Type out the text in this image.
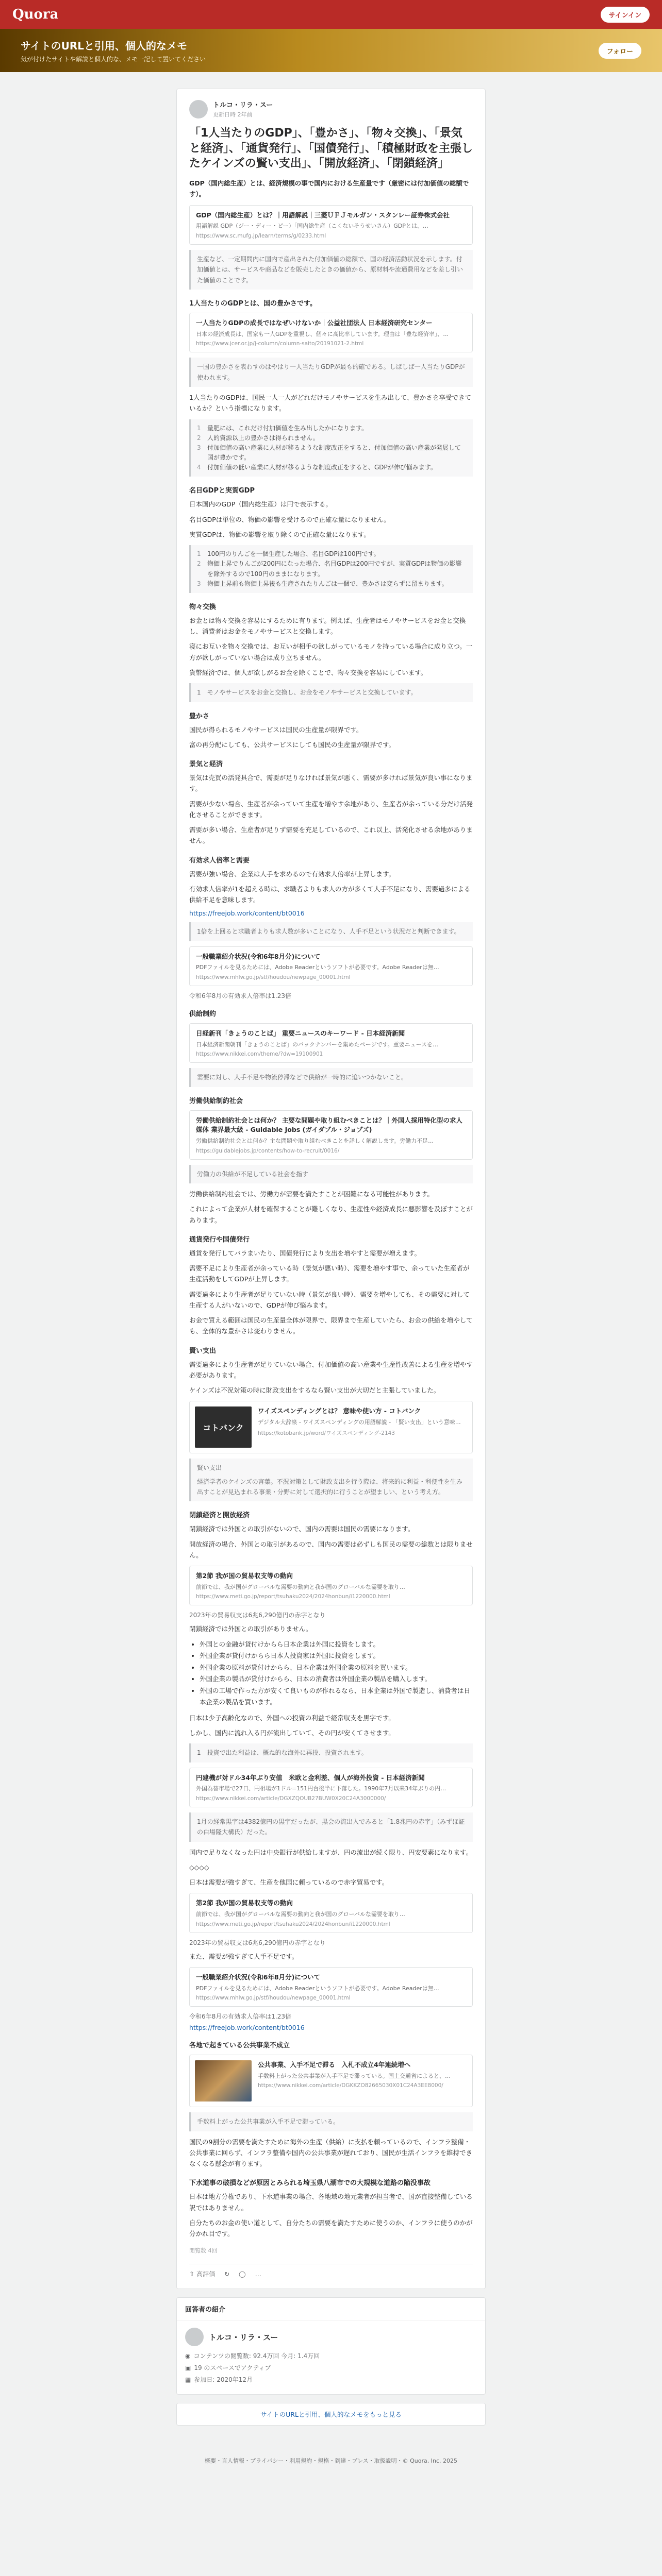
Quora	サインイン
サイトのURLと引用、個人的なメモ
気が付けたサイトや解説と個人的な、メモ一記して置いてください
フォロー
トルコ・リラ・スー
更新日時 2年前
「1人当たりのGDP」、「豊かさ」、「物々交換」、「景気と経済」、「通貨発行」、「国債発行」、「積極財政を主張したケインズの賢い支出」、「開放経済」、「閉鎖経済」
GDP（国内総生産）とは、経済規模の事で国内における生産量です（厳密には付加価値の総額です）。
GDP（国内総生産）とは？｜用語解説｜三菱ＵＦＪモルガン・スタンレー証券株式会社
用語解説 GDP（ジー・ディー・ピー）「国内総生産（こくないそうせいさん）GDPとは、…
https://www.sc.mufg.jp/learn/terms/g/0233.html
生産など、一定期間内に国内で産出された付加価値の総額で、国の経済活動状況を示します。付加価値とは、サービスや商品などを販売したときの価値から、原材料や流通費用などを差し引いた価値のことです。
1人当たりのGDPとは、国の豊かさです。
一人当たりGDPの成長ではなぜいけないか｜公益社団法人 日本経済研究センター
日本の経済成長は、国家も一人GDPを重視し、個々に高比率しています。理由は「豊な経済率」、…
https://www.jcer.or.jp/j-column/column-saito/20191021-2.html
一国の豊かさを表わすのはやはり一人当たりGDPが最も的確である。しばしば一人当たりGDPが使われます。
1人当たりのGDPは、国民一人一人がどれだけモノやサービスを生み出して、豊かさを享受できているか？という指標になります。
1	量肥には、これだけ付加価値を生み出したかになります。
2	人的資源以上の豊かさは得られません。
3	付加価値の高い産業に人材が移るような制度改正をすると、付加価値の高い産業が発展して国が豊かです。
4	付加価値の低い産業に人材が移るような制度改正をすると、GDPが伸び悩みます。
名目GDPと実質GDP
日本国内のGDP（国内総生産）は円で表示する。
名目GDPは単位の、物価の影響を受けるので正確な量になりません。
実質GDPは、物価の影響を取り除くので正確な量になります。
1	100円のりんごを一個生産した場合、名目GDPは100円です。
2	物価上昇でりんごが200円になった場合、名目GDPは200円ですが、実質GDPは物価の影響を除外するので100円のままになります。
3	物価上昇前も物価上昇後も生産されたりんごは一個で、豊かさは変らずに留まります。
物々交換
お金とは物々交換を容易にするために有ります。例えば、生産者はモノやサービスをお金と交換し、消費者はお金をモノやサービスと交換します。
寝にお互いを物々交換では、お互いが相手の欲しがっているモノを持っている場合に成り立つ。一方が欲しがっていない場合は成り立ちません。
貨幣経済では、個人が欲しがるお金を除くことで、物々交換を容易にしています。
1　モノやサービスをお金と交換し、お金をモノやサービスと交換しています。
豊かさ
国民が得られるモノやサービスは国民の生産量が限界です。
富の再分配にしても、公共サービスにしても国民の生産量が限界です。
景気と経済
景気は売買の活発具合で、需要が足りなければ景気が悪く、需要が多ければ景気が良い事になります。
需要が少ない場合、生産者が余っていて生産を増やす余地があり、生産者が余っている分だけ活発化させることができます。
需要が多い場合、生産者が足りず需要を充足しているので、これ以上、活発化させる余地がありません。
有効求人倍率と需要
需要が強い場合、企業は人手を求めるので有効求人倍率が上昇します。
有効求人倍率が1を超える時は、求職者よりも求人の方が多くて人手不足になり、需要過多による供給不足を意味します。
https://freejob.work/content/bt0016
1倍を上回ると求職者よりも求人数が多いことになり、人手不足という状況だと判断できます。
一般職業紹介状況(令和6年8月分)について
PDFファイルを見るためには、Adobe Readerというソフトが必要です。Adobe Readerは無…
https://www.mhlw.go.jp/stf/houdou/newpage_00001.html
令和6年8月の有効求人倍率は1.23倍
供給制約
日経新刊「きょうのことば」 重要ニュースのキーワード - 日本経済新聞
日本経済新聞朝刊「きょうのことば」のバックナンバーを集めたページです。重要ニュースを…
https://www.nikkei.com/theme/?dw=19100901
需要に対し、人手不足や物流停滞などで供給が一時的に追いつかないこと。
労働供給制約社会
労働供給制約社会とは何か？ 主要な問題や取り組むべきことは？｜外国人採用特化型の求人媒体 業界最大級 - Guidable Jobs (ガイダブル・ジョブズ)
労働供給制約社会とは何か？主な問題や取り組むべきことを詳しく解説します。労働力不足…
https://guidablejobs.jp/contents/how-to-recruit/0016/
労働力の供給が不足している社会を指す
労働供給制約社会では、労働力が需要を満たすことが困難になる可能性があります。
これによって企業が人材を確保することが難しくなり、生産性や経済成長に悪影響を及ぼすことがあります。
通貨発行や国債発行
通貨を発行してバラまいたり、国債発行により支出を増やすと需要が増えます。
需要不足により生産者が余っている時（景気が悪い時）、需要を増やす事で、余っていた生産者が生産活動をしてGDPが上昇します。
需要過多により生産者が足りていない時（景気が良い時）、需要を増やしても、その需要に対して生産する人がいないので、GDPが伸び悩みます。
お金で買える範囲は国民の生産量全体が限界で、限界まで生産していたら、お金の供給を増やしても、全体的な豊かさは変わりません。
賢い支出
需要過多により生産者が足りていない場合、付加価値の高い産業や生産性改善による生産を増やす必要があります。
ケインズは不況対策の時に財政支出をするなら賢い支出が大切だと主張していました。
コトバンク
ワイズスペンディングとは？ 意味や使い方 - コトバンク
デジタル大辞泉 - ワイズスペンディングの用語解説 - 「賢い支出」という意味…
https://kotobank.jp/word/ワイズスペンディング-2143
賢い支出
経済学者のケインズの言葉。不況対策として財政支出を行う際は、将来的に利益・利便性を生み出すことが見込まれる事業・分野に対して選択的に行うことが望ましい、という考え方。
閉鎖経済と開放経済
閉鎖経済では外国との取引がないので、国内の需要は国民の需要になります。
開放経済の場合、外国との取引があるので、国内の需要は必ずしも国民の需要の総数とは限りません。
第2節 我が国の貿易収支等の動向
前節では、我が国がグローバルな需要の動向と我が国のグローバルな需要を取り…
https://www.meti.go.jp/report/tsuhaku2024/2024honbun/i1220000.html
2023年の貿易収支は6兆6,290億円の赤字となり
閉鎖経済では外国との取引がありません。
• 外国との金融が貸付けからら日本企業は外国に投資をします。
• 外国企業が貸付けからら日本人投資家は外国に投資をします。
• 外国企業の原料が貸付けからら、日本企業は外国企業の原料を買います。
• 外国企業の製品が貸付けからら、日本の消費者は外国企業の製品を購入します。
• 外国の工場で作った方が安くて良いものが作れるなら、日本企業は外国で製造し、消費者は日本企業の製品を買います。
日本は少子高齢化なので、外国への投資の利益で経常収支を黒字です。
しかし、国内に流れ入る円が流出していて、その円が安くてさせます。
1　投資で出た利益は、概ね的な海外に再投、投資されます。
円建機が対ドル34年ぶり安値　米欧と金利差、個人が海外投資 - 日本経済新聞
外国為替市場で27日、円相場が1ドル=151円台後半に下落した。1990年7月以来34年ぶりの円…
https://www.nikkei.com/article/DGXZQOUB27BUW0X20C24A3000000/
1月の経常黒字は4382億円の黒字だったが、黒会の流出入でみると「1.8兆円の赤字」（みずほ証の白場隆大構氏）だった。
国内で足りなくなった円は中央銀行が供給しますが、円の流出が続く限り、円安要素になります。
◇◇◇◇
日本は需要が強すぎて、生産を他国に頼っているので赤字貿易です。
第2節 我が国の貿易収支等の動向
前節では、我が国がグローバルな需要の動向と我が国のグローバルな需要を取り…
https://www.meti.go.jp/report/tsuhaku2024/2024honbun/i1220000.html
2023年の貿易収支は6兆6,290億円の赤字となり
また、需要が強すぎて人手不足です。
一般職業紹介状況(令和6年8月分)について
PDFファイルを見るためには、Adobe Readerというソフトが必要です。Adobe Readerは無…
https://www.mhlw.go.jp/stf/houdou/newpage_00001.html
令和6年8月の有効求人倍率は1.23倍
https://freejob.work/content/bt0016
各地で起きている公共事業不成立
公共事業、入手不足で滞る　入札不成立4年連続増へ
手数料上がった公共事業が入手不足で滞っている。国土交通省によると、…
https://www.nikkei.com/article/DGKKZO82665030X01C24A3EE8000/
手数料上がった公共事業が入手不足で滞っている。
国民の9割分の需要を満たすために海外の生産（供給）に支払を頼っているので、インフラ整備・公共事業に回らず、インフラ整備や国内の公共事業が遅れており、国民が生活インフラを維持できなくなる懸念が有ります。
下水道事の破損などが原因とみられる埼玉県八潮市での大規模な道路の陥没事故
日本は地方分権であり、下水道事業の場合、各地域の地元業者が担当者で、国が直接整備している訳ではありません。
自分たちのお金の使い道として、自分たちの需要を満たすために使うのか、インフラに使うのかが分かれ目です。
閲覧数 4回
⇧ 高評価 ↻ ◯ …
回答者の紹介
トルコ・リラ・スー
◉ コンテンツの閲覧数: 92.4万回 今月: 1.4万回
▣ 19 のスペースでアクティブ
▦ 参加日: 2020年12月
サイトのURLと引用、個人的なメモをもっと見る
概要・言人情報・プライバシー・利用規約・規格・到達・プレス・取扱説明・© Quora, Inc. 2025
